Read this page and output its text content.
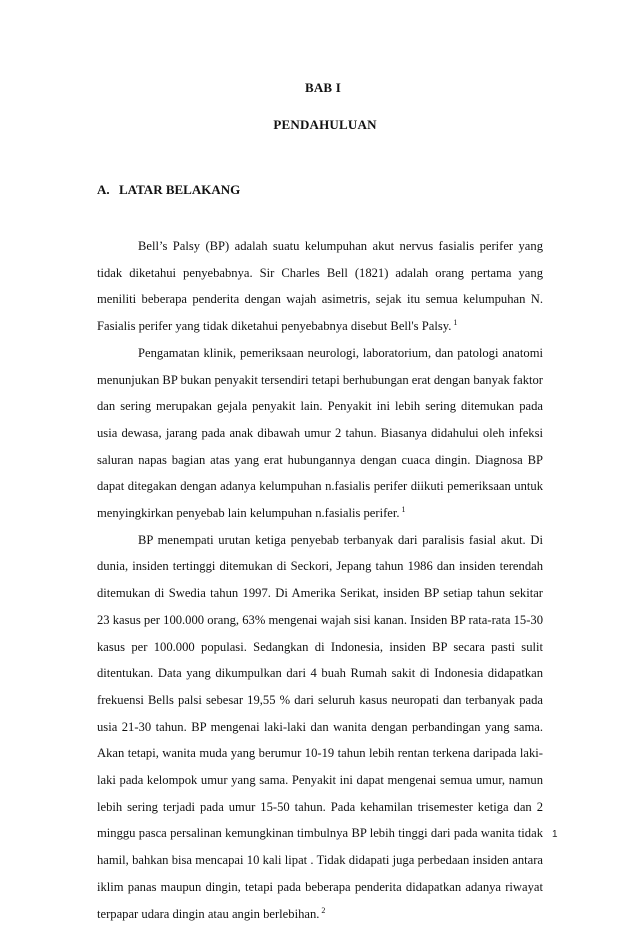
BAB I
PENDAHULUAN
A. LATAR BELAKANG

Bell’s Palsy (BP) adalah suatu kelumpuhan akut nervus fasialis perifer yang tidak diketahui penyebabnya. Sir Charles Bell (1821) adalah orang pertama yang meniliti beberapa penderita dengan wajah asimetris, sejak itu semua kelumpuhan N. Fasialis perifer yang tidak diketahui penyebabnya disebut Bell's Palsy. $^1$

Pengamatan klinik, pemeriksaan neurologi, laboratorium, dan patologi anatomi menunjukan BP bukan penyakit tersendiri tetapi berhubungan erat dengan banyak faktor dan sering merupakan gejala penyakit lain. Penyakit ini lebih sering ditemukan pada usia dewasa, jarang pada anak dibawah umur 2 tahun. Biasanya didahului oleh infeksi saluran napas bagian atas yang erat hubungannya dengan cuaca dingin. Diagnosa BP dapat ditegakan dengan adanya kelumpuhan n.fasialis perifer diikuti pemeriksaan untuk menyingkirkan penyebab lain kelumpuhan n.fasialis perifer. $^1$

BP menempati urutan ketiga penyebab terbanyak dari paralisis fasial akut. Di dunia, insiden tertinggi ditemukan di Seckori, Jepang tahun 1986 dan insiden terendah ditemukan di Swedia tahun 1997. Di Amerika Serikat, insiden BP setiap tahun sekitar 23 kasus per 100.000 orang, 63% mengenai wajah sisi kanan. Insiden BP rata-rata 15-30 kasus per 100.000 populasi. Sedangkan di Indonesia, insiden BP secara pasti sulit ditentukan. Data yang dikumpulkan dari 4 buah Rumah sakit di Indonesia didapatkan frekuensi Bells palsi sebesar 19,55 % dari seluruh kasus neuropati dan terbanyak pada usia 21-30 tahun. BP mengenai laki-laki dan wanita dengan perbandingan yang sama. Akan tetapi, wanita muda yang berumur 10-19 tahun lebih rentan terkena daripada laki-laki pada kelompok umur yang sama. Penyakit ini dapat mengenai semua umur, namun lebih sering terjadi pada umur 15-50 tahun. Pada kehamilan trisemester ketiga dan 2 minggu pasca persalinan kemungkinan timbulnya BP lebih tinggi dari pada wanita tidak hamil, bahkan bisa mencapai 10 kali lipat . Tidak didapati juga perbedaan insiden antara iklim panas maupun dingin, tetapi pada beberapa penderita didapatkan adanya riwayat terpapar udara dingin atau angin berlebihan. $^2$

1
